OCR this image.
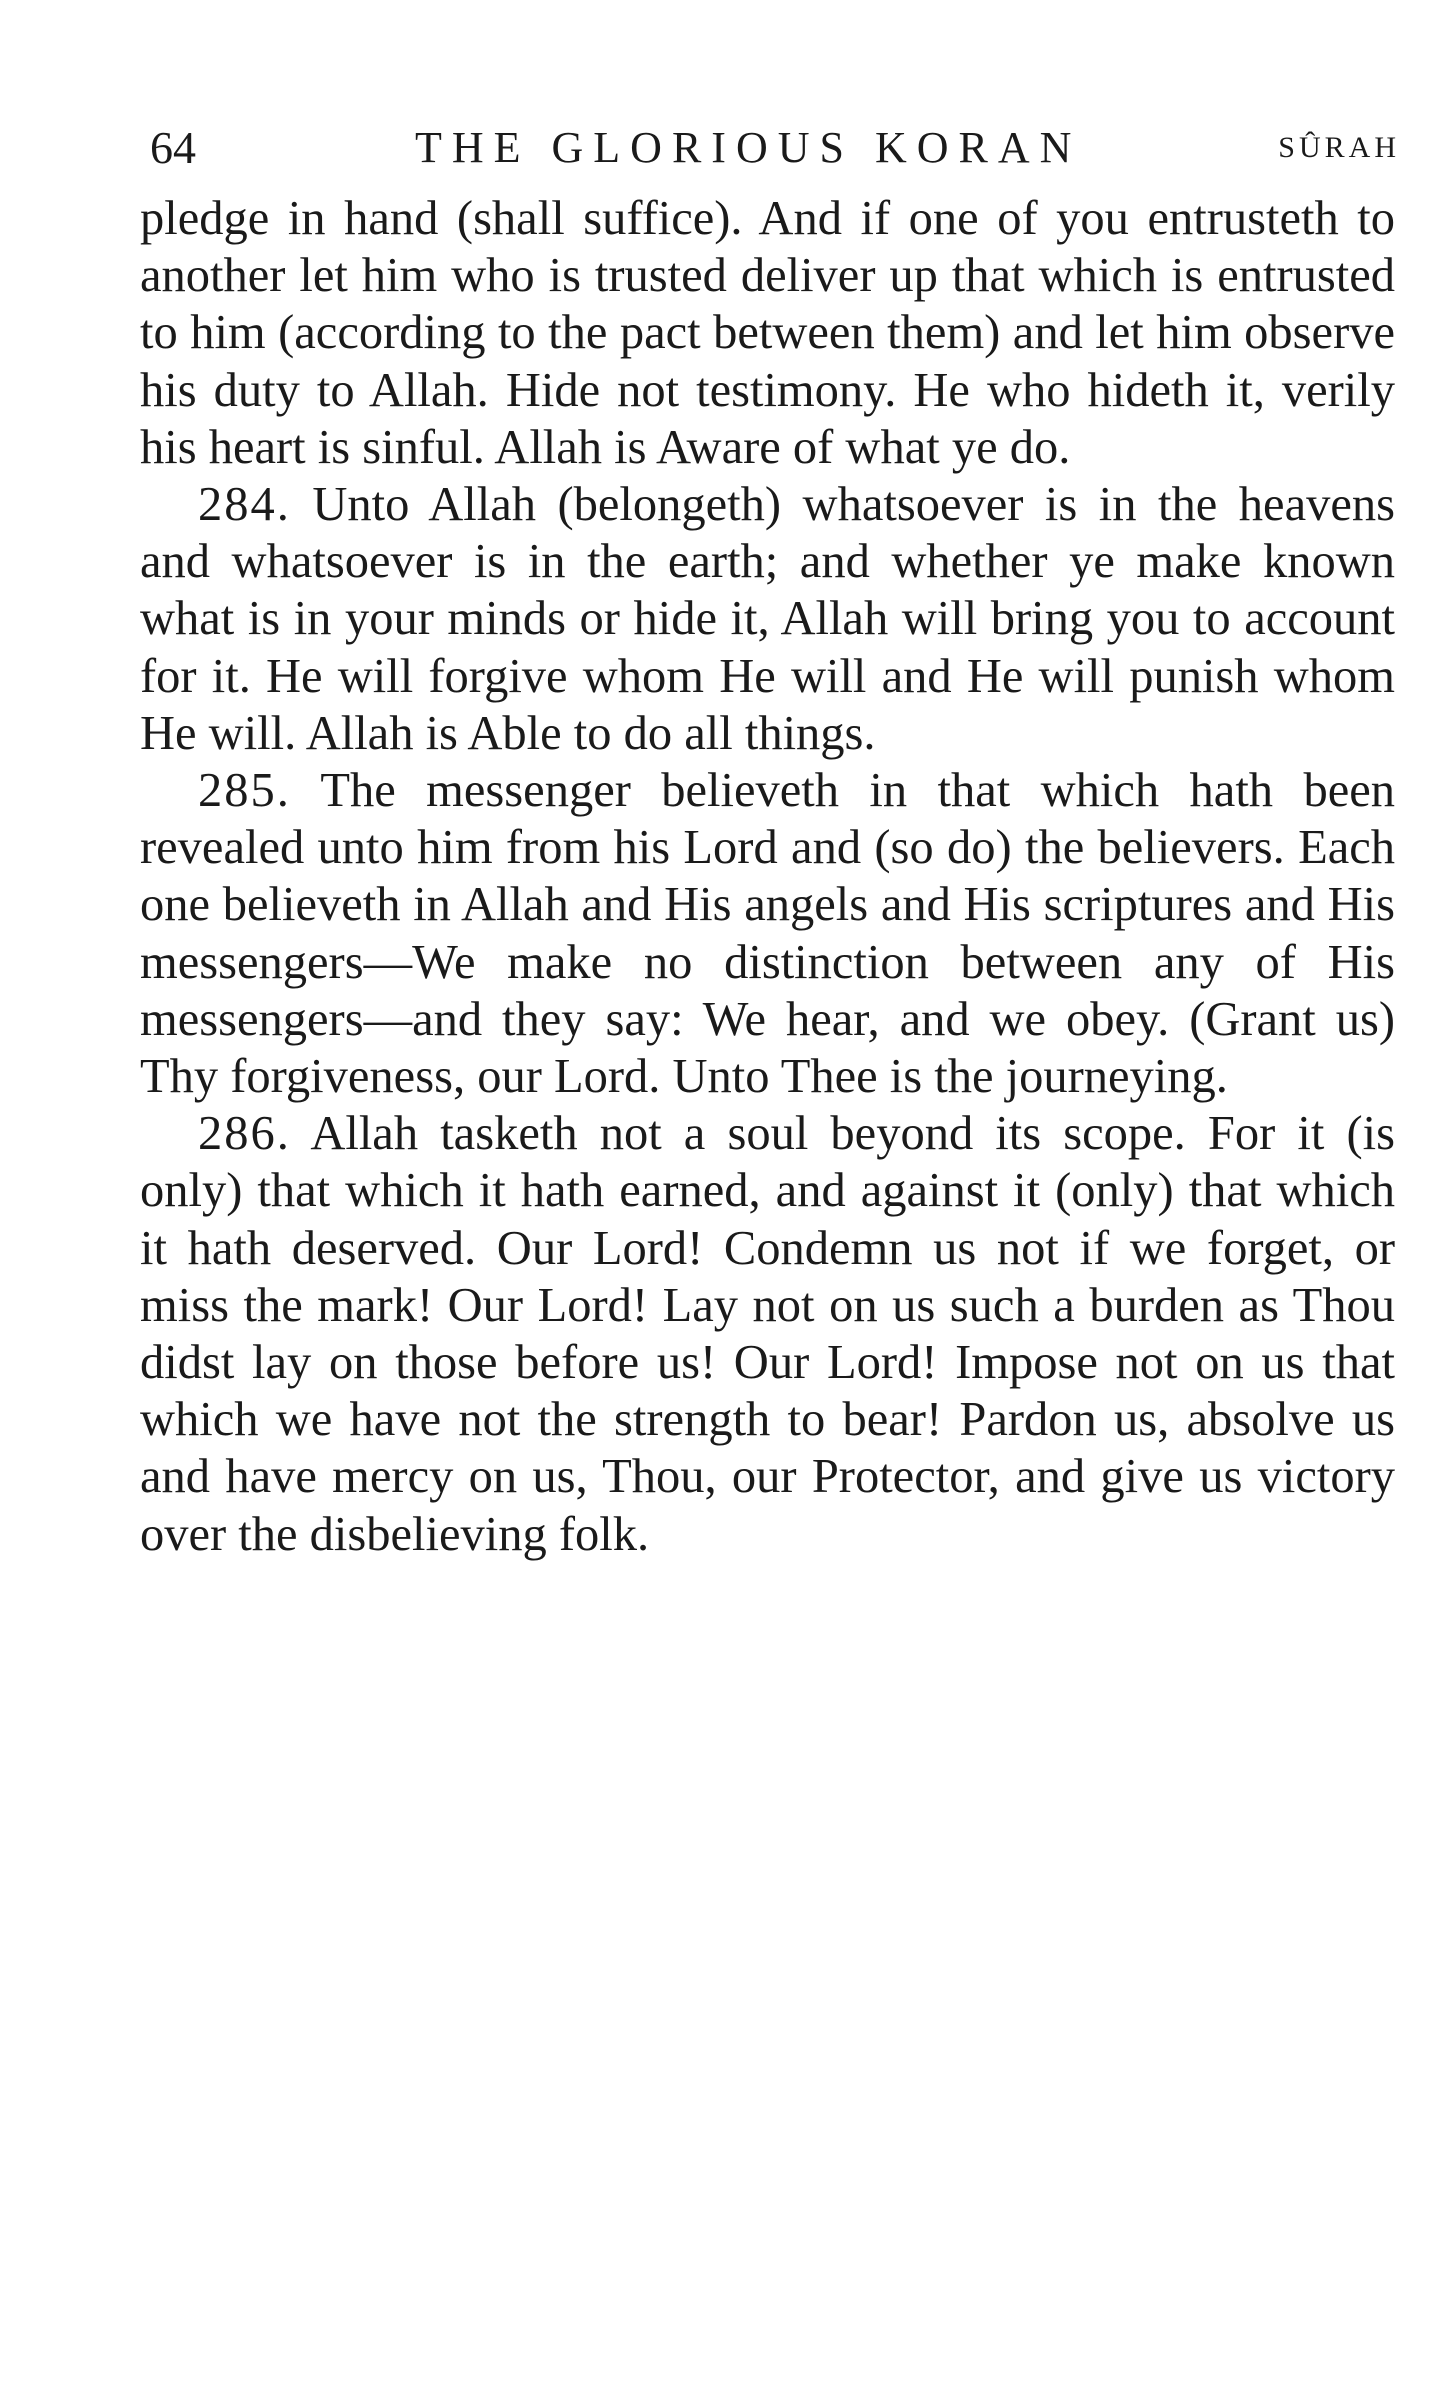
64	THE GLORIOUS KORAN	SÛRAH

pledge in hand (shall suffice). And if one of you entrusteth to another let him who is trusted deliver up that which is entrusted to him (according to the pact between them) and let him observe his duty to Allah. Hide not testimony. He who hideth it, verily his heart is sinful. Allah is Aware of what ye do.

284. Unto Allah (belongeth) whatsoever is in the heavens and whatsoever is in the earth; and whether ye make known what is in your minds or hide it, Allah will bring you to account for it. He will forgive whom He will and He will punish whom He will. Allah is Able to do all things.

285. The messenger believeth in that which hath been revealed unto him from his Lord and (so do) the believers. Each one believeth in Allah and His angels and His scriptures and His messengers—We make no distinction between any of His messengers—and they say: We hear, and we obey. (Grant us) Thy forgiveness, our Lord. Unto Thee is the journeying.

286. Allah tasketh not a soul beyond its scope. For it (is only) that which it hath earned, and against it (only) that which it hath deserved. Our Lord! Condemn us not if we forget, or miss the mark! Our Lord! Lay not on us such a burden as Thou didst lay on those before us! Our Lord! Impose not on us that which we have not the strength to bear! Pardon us, absolve us and have mercy on us, Thou, our Protector, and give us victory over the disbelieving folk.
